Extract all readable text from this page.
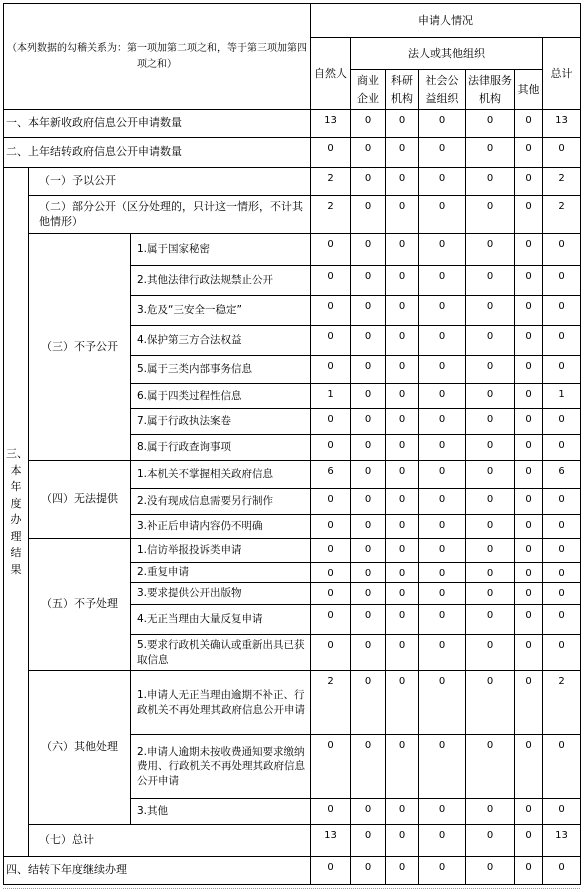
（本列数据的勾稽关系为：第一项加第二项之和，等于第三项加第四项之和）			申请人情况						
			自然人	法人或其他组织					总计
				商业企业	科研机构	社会公益组织	法律服务机构	其他	
一、本年新收政府信息公开申请数量			13	0	0	0	0	0	13
二、上年结转政府信息公开申请数量			0	0	0	0	0	0	0
三、本年度办理结果	（一）予以公开		2	0	0	0	0	0	2
	（二）部分公开（区分处理的，只计这一情形，不计其他情形）		2	0	0	0	0	0	2
	（三）不予公开	1.属于国家秘密	0	0	0	0	0	0	0
		2.其他法律行政法规禁止公开	0	0	0	0	0	0	0
		3.危及“三安全一稳定”	0	0	0	0	0	0	0
		4.保护第三方合法权益	0	0	0	0	0	0	0
		5.属于三类内部事务信息	0	0	0	0	0	0	0
		6.属于四类过程性信息	1	0	0	0	0	0	1
		7.属于行政执法案卷	0	0	0	0	0	0	0
		8.属于行政查询事项	0	0	0	0	0	0	0
	（四）无法提供	1.本机关不掌握相关政府信息	6	0	0	0	0	0	6
		2.没有现成信息需要另行制作	0	0	0	0	0	0	0
		3.补正后申请内容仍不明确	0	0	0	0	0	0	0
	（五）不予处理	1.信访举报投诉类申请	0	0	0	0	0	0	0
		2.重复申请	0	0	0	0	0	0	0
		3.要求提供公开出版物	0	0	0	0	0	0	0
		4.无正当理由大量反复申请	0	0	0	0	0	0	0
		5.要求行政机关确认或重新出具已获取信息	0	0	0	0	0	0	0
	（六）其他处理	1.申请人无正当理由逾期不补正、行政机关不再处理其政府信息公开申请	2	0	0	0	0	0	2
		2.申请人逾期未按收费通知要求缴纳费用、行政机关不再处理其政府信息公开申请	0	0	0	0	0	0	0
		3.其他	0	0	0	0	0	0	0
	（七）总计		13	0	0	0	0	0	13
四、结转下年度继续办理			0	0	0	0	0	0	0
